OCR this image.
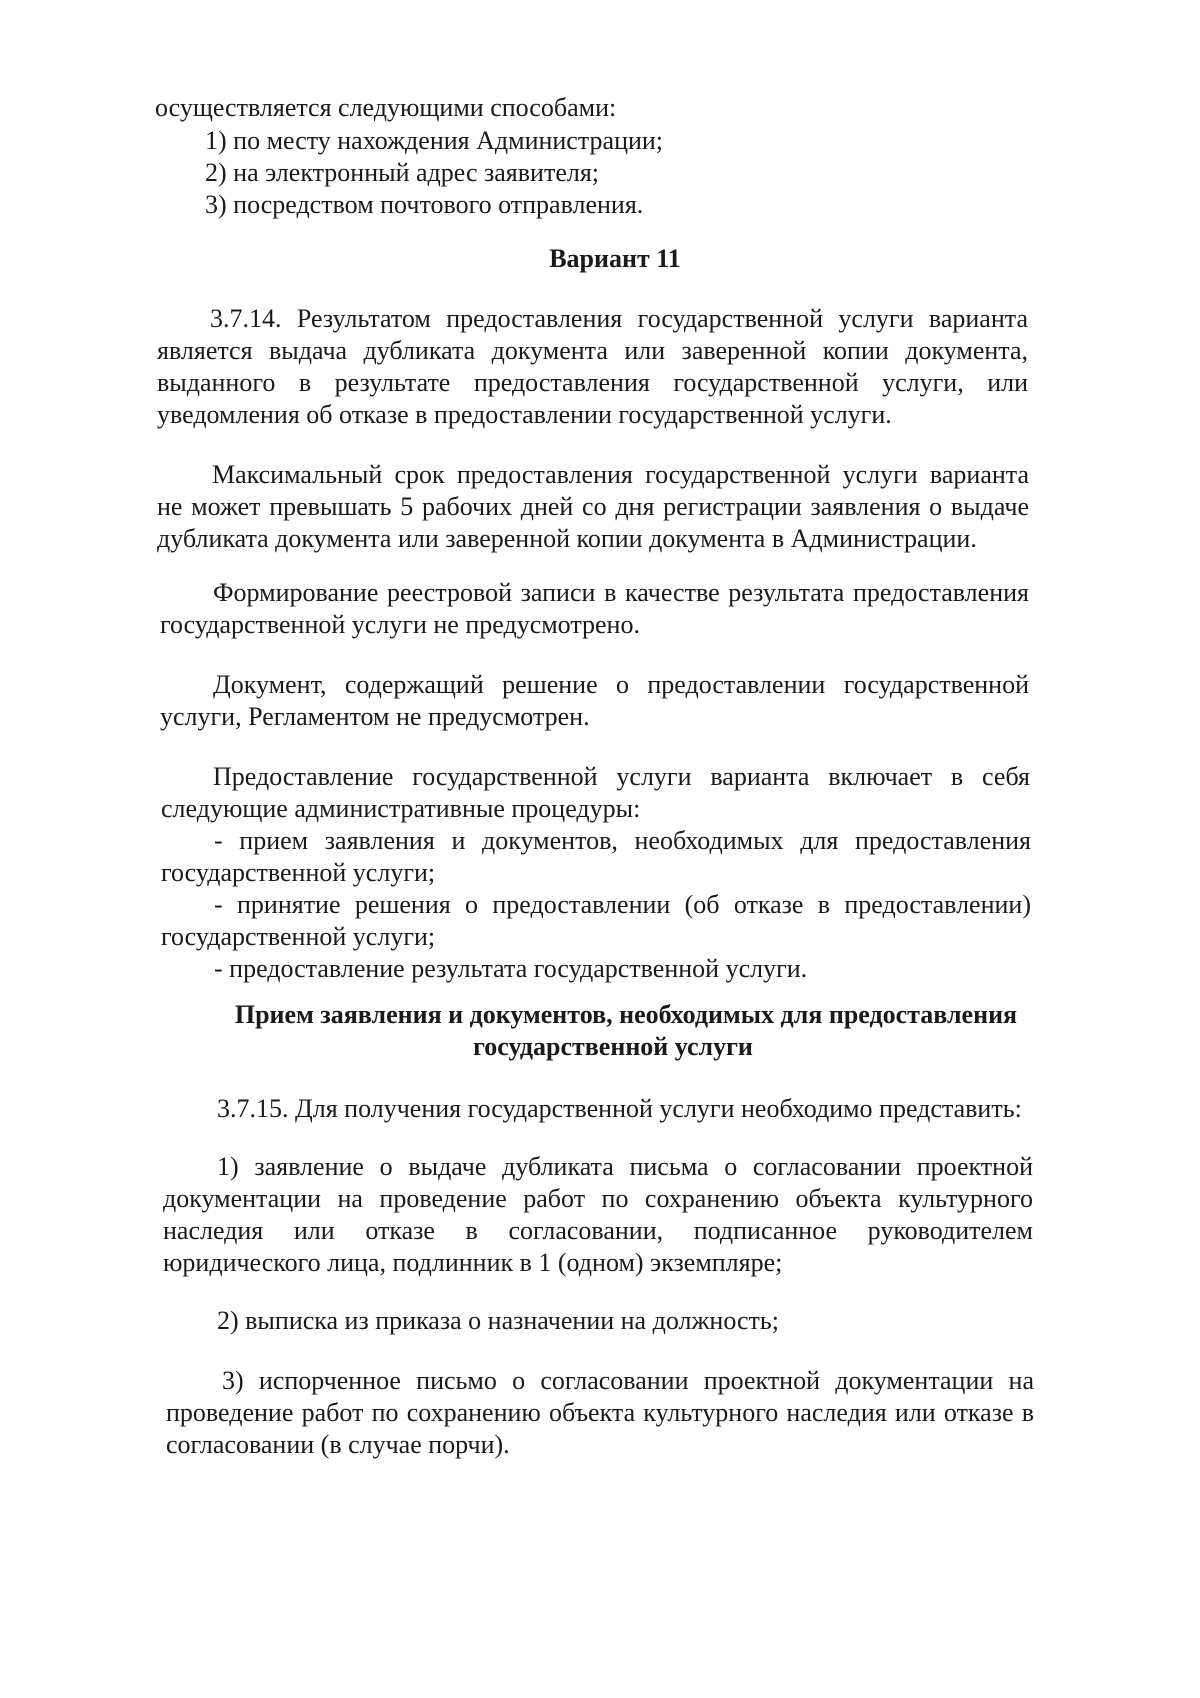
осуществляется следующими способами:
1) по месту нахождения Администрации;
2) на электронный адрес заявителя;
3) посредством почтового отправления.
Вариант 11
3.7.14. Результатом предоставления государственной услуги варианта
является выдача дубликата документа или заверенной копии документа,
выданного в результате предоставления государственной услуги, или
уведомления об отказе в предоставлении государственной услуги.
Максимальный срок предоставления государственной услуги варианта
не может превышать 5 рабочих дней со дня регистрации заявления о выдаче
дубликата документа или заверенной копии документа в Администрации.
Формирование реестровой записи в качестве результата предоставления
государственной услуги не предусмотрено.
Документ, содержащий решение о предоставлении государственной
услуги, Регламентом не предусмотрен.
Предоставление государственной услуги варианта включает в себя
следующие административные процедуры:
- прием заявления и документов, необходимых для предоставления
государственной услуги;
- принятие решения о предоставлении (об отказе в предоставлении)
государственной услуги;
- предоставление результата государственной услуги.
Прием заявления и документов, необходимых для предоставления
государственной услуги
3.7.15. Для получения государственной услуги необходимо представить:
1) заявление о выдаче дубликата письма о согласовании проектной
документации на проведение работ по сохранению объекта культурного
наследия или отказе в согласовании, подписанное руководителем
юридического лица, подлинник в 1 (одном) экземпляре;
2) выписка из приказа о назначении на должность;
3) испорченное письмо о согласовании проектной документации на
проведение работ по сохранению объекта культурного наследия или отказе в
согласовании (в случае порчи).
